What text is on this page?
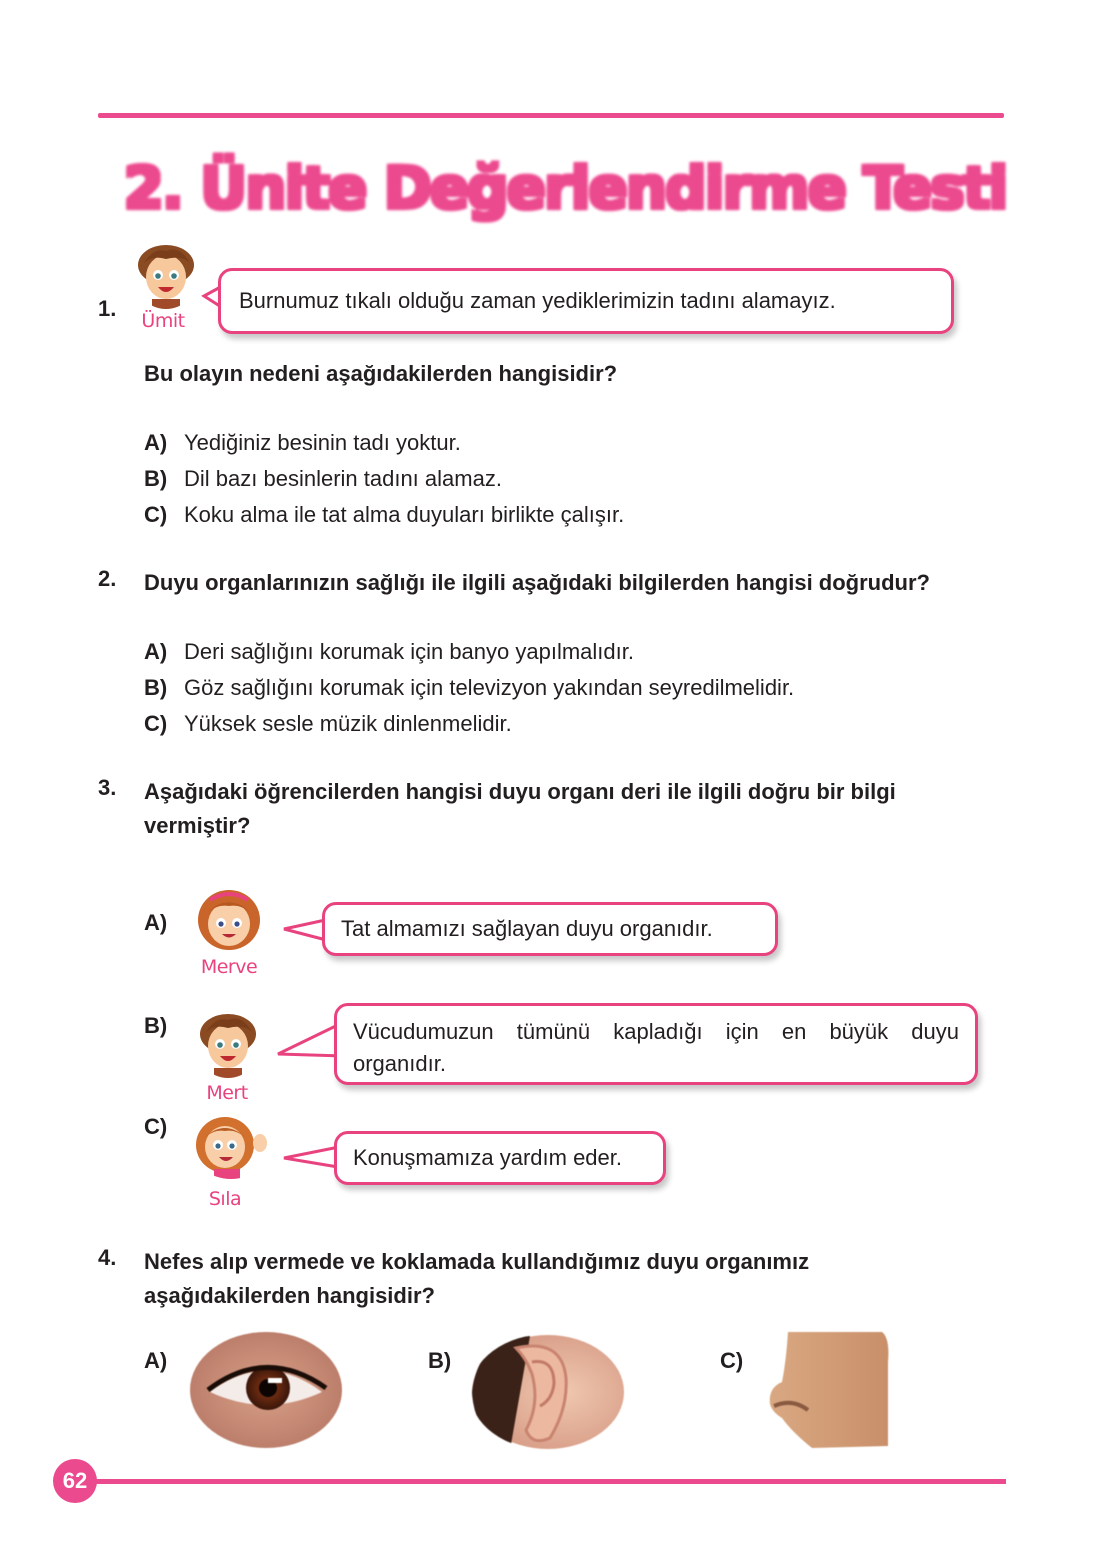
2. Ünite Değerlendirme Testi
1.	Ümit
Burnumuz tıkalı olduğu zaman yediklerimizin tadını alamayız.
Bu olayın nedeni aşağıdakilerden hangisidir?
A) Yediğiniz besinin tadı yoktur.
B) Dil bazı besinlerin tadını alamaz.
C) Koku alma ile tat alma duyuları birlikte çalışır.
2. Duyu organlarınızın sağlığı ile ilgili aşağıdaki bilgilerden hangisi doğrudur?
A) Deri sağlığını korumak için banyo yapılmalıdır.
B) Göz sağlığını korumak için televizyon yakından seyredilmelidir.
C) Yüksek sesle müzik dinlenmelidir.
3. Aşağıdaki öğrencilerden hangisi duyu organı deri ile ilgili doğru bir bilgi
vermiştir?
A)
Merve
Tat almamızı sağlayan duyu organıdır.
B)
Mert
Vücudumuzun tümünü kapladığı için en büyük duyu
organıdır.
C)
Sıla
Konuşmamıza yardım eder.
4. Nefes alıp vermede ve koklamada kullandığımız duyu organımız
aşağıdakilerden hangisidir?
A)	B)	C)
62
